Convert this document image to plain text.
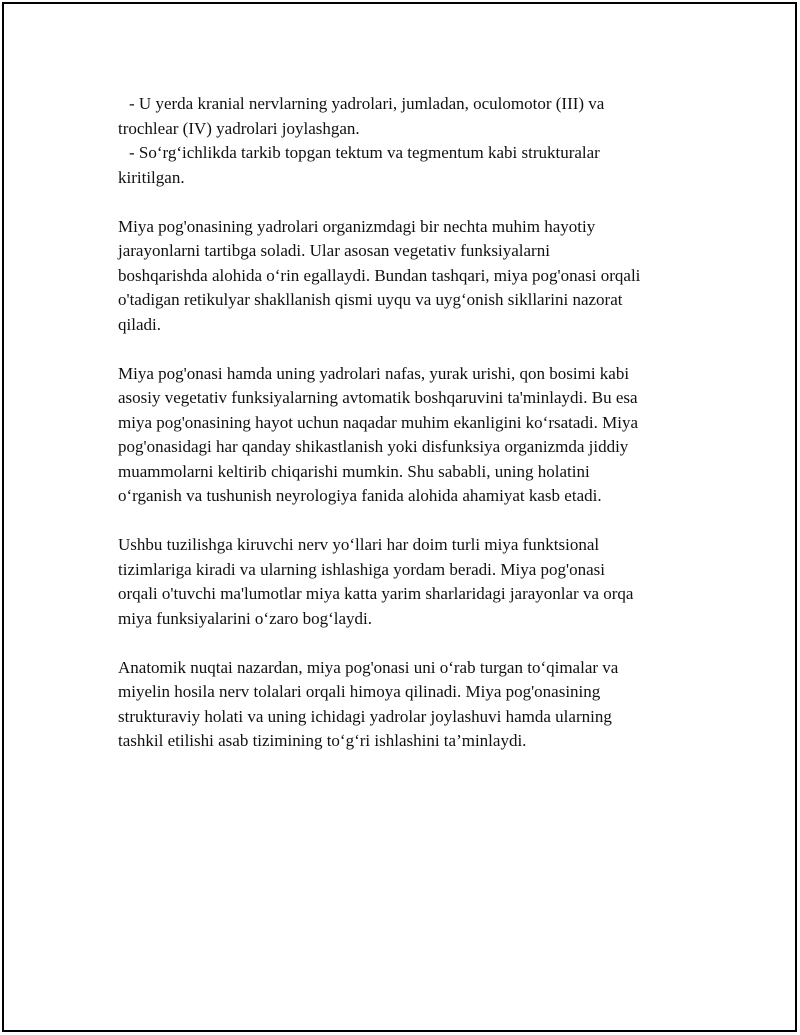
- U yerda kranial nervlarning yadrolari, jumladan, oculomotor (III) va
trochlear (IV) yadrolari joylashgan.
- So‘rg‘ichlikda tarkib topgan tektum va tegmentum kabi strukturalar
kiritilgan.
Miya pog'onasining yadrolari organizmdagi bir nechta muhim hayotiy
jarayonlarni tartibga soladi. Ular asosan vegetativ funksiyalarni
boshqarishda alohida o‘rin egallaydi. Bundan tashqari, miya pog'onasi orqali
o'tadigan retikulyar shakllanish qismi uyqu va uyg‘onish sikllarini nazorat
qiladi.
Miya pog'onasi hamda uning yadrolari nafas, yurak urishi, qon bosimi kabi
asosiy vegetativ funksiyalarning avtomatik boshqaruvini ta'minlaydi. Bu esa
miya pog'onasining hayot uchun naqadar muhim ekanligini ko‘rsatadi. Miya
pog'onasidagi har qanday shikastlanish yoki disfunksiya organizmda jiddiy
muammolarni keltirib chiqarishi mumkin. Shu sababli, uning holatini
o‘rganish va tushunish neyrologiya fanida alohida ahamiyat kasb etadi.
Ushbu tuzilishga kiruvchi nerv yo‘llari har doim turli miya funktsional
tizimlariga kiradi va ularning ishlashiga yordam beradi. Miya pog'onasi
orqali o'tuvchi ma'lumotlar miya katta yarim sharlaridagi jarayonlar va orqa
miya funksiyalarini o‘zaro bog‘laydi.
Anatomik nuqtai nazardan, miya pog'onasi uni o‘rab turgan to‘qimalar va
miyelin hosila nerv tolalari orqali himoya qilinadi. Miya pog'onasining
strukturaviy holati va uning ichidagi yadrolar joylashuvi hamda ularning
tashkil etilishi asab tizimining to‘g‘ri ishlashini ta’minlaydi.
